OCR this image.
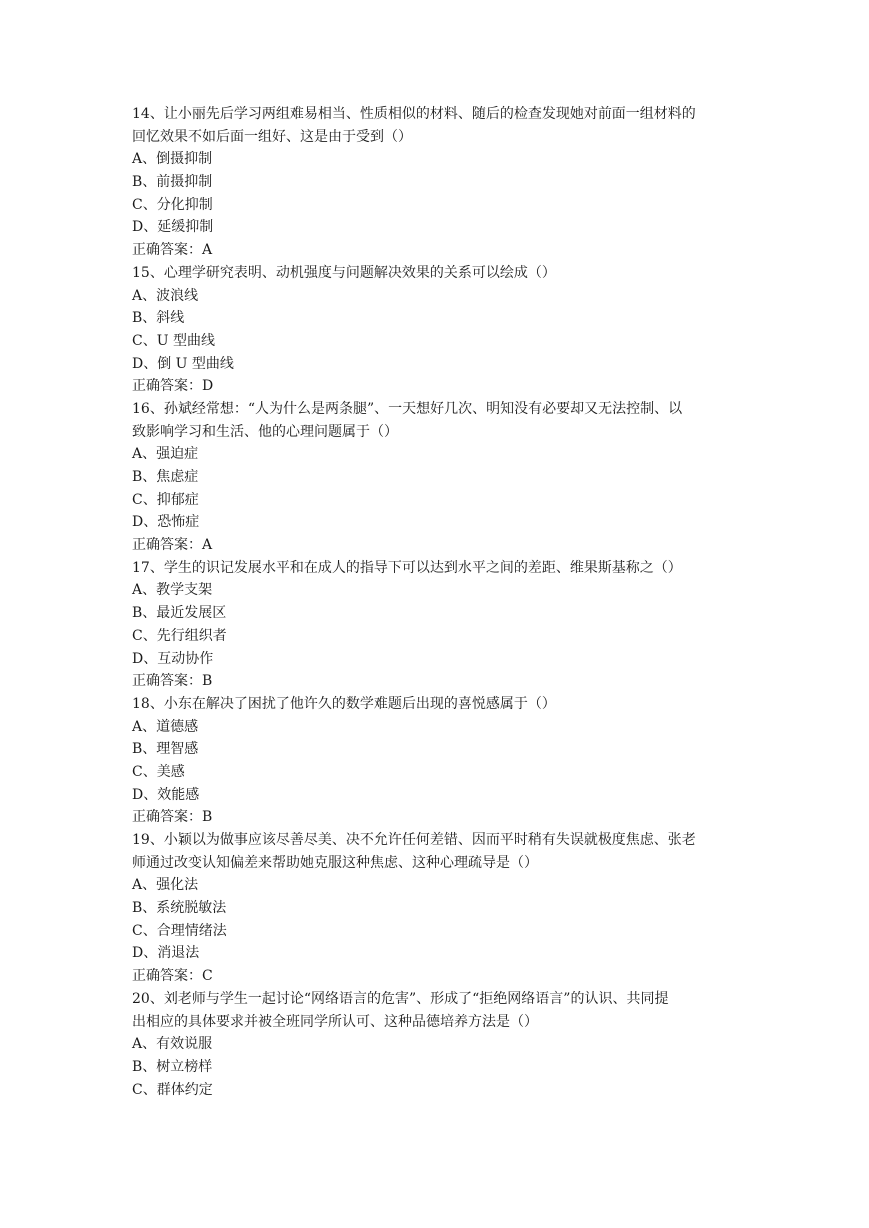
14、让小丽先后学习两组难易相当、性质相似的材料、随后的检查发现她对前面一组材料的
回忆效果不如后面一组好、这是由于受到（）
A、倒摄抑制
B、前摄抑制
C、分化抑制
D、延缓抑制
正确答案：A
15、心理学研究表明、动机强度与问题解决效果的关系可以绘成（）
A、波浪线
B、斜线
C、U 型曲线
D、倒 U 型曲线
正确答案：D
16、孙斌经常想：“人为什么是两条腿”、一天想好几次、明知没有必要却又无法控制、以
致影响学习和生活、他的心理问题属于（）
A、强迫症
B、焦虑症
C、抑郁症
D、恐怖症
正确答案：A
17、学生的识记发展水平和在成人的指导下可以达到水平之间的差距、维果斯基称之（）
A、教学支架
B、最近发展区
C、先行组织者
D、互动协作
正确答案：B
18、小东在解决了困扰了他许久的数学难题后出现的喜悦感属于（）
A、道德感
B、理智感
C、美感
D、效能感
正确答案：B
19、小颖以为做事应该尽善尽美、决不允许任何差错、因而平时稍有失误就极度焦虑、张老
师通过改变认知偏差来帮助她克服这种焦虑、这种心理疏导是（）
A、强化法
B、系统脱敏法
C、合理情绪法
D、消退法
正确答案：C
20、刘老师与学生一起讨论“网络语言的危害”、形成了“拒绝网络语言”的认识、共同提
出相应的具体要求并被全班同学所认可、这种品德培养方法是（）
A、有效说服
B、树立榜样
C、群体约定
